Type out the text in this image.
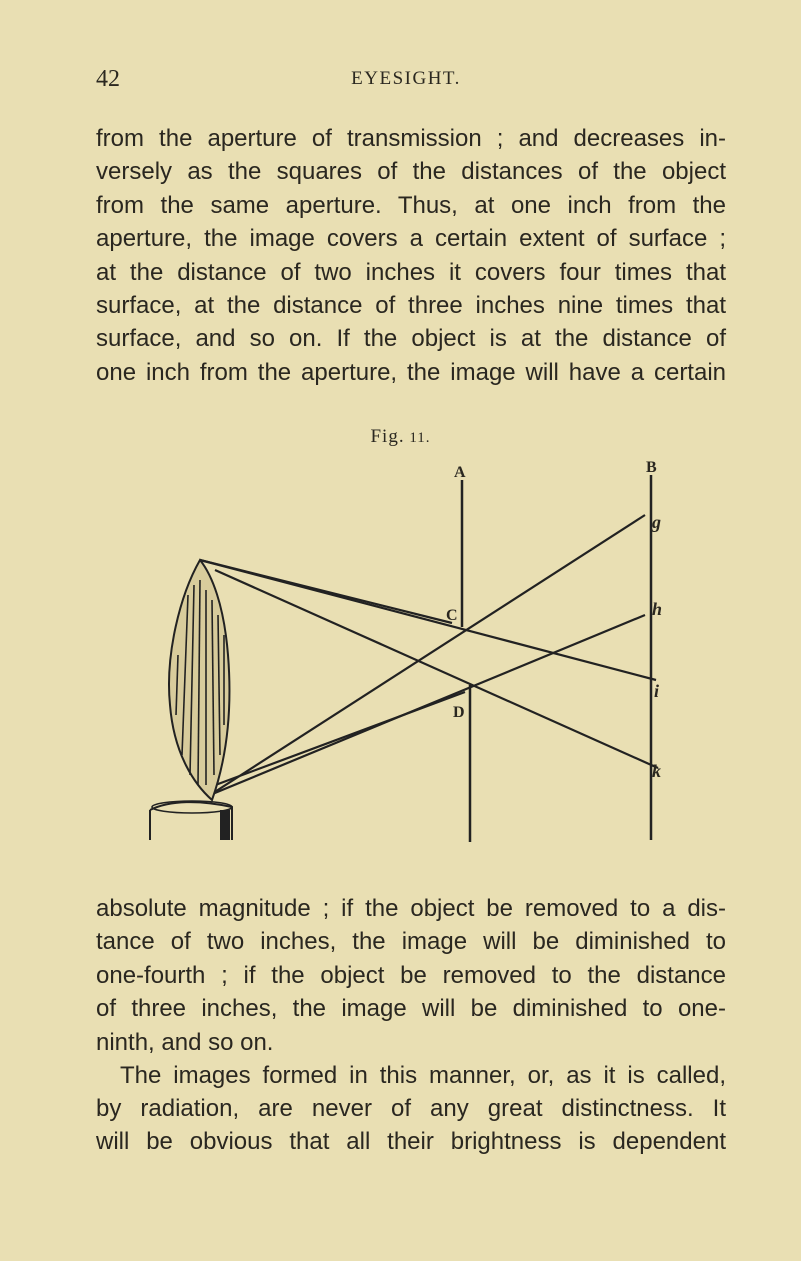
42	EYESIGHT.
from the aperture of transmission ; and decreases in-
versely as the squares of the distances of the object
from the same aperture. Thus, at one inch from the
aperture, the image covers a certain extent of surface ;
at the distance of two inches it covers four times that
surface, at the distance of three inches nine times that
surface, and so on. If the object is at the distance of
one inch from the aperture, the image will have a certain
Fig. 11.
A	B
C
D
g
h
i
k
absolute magnitude ; if the object be removed to a dis-
tance of two inches, the image will be diminished to
one-fourth ; if the object be removed to the distance
of three inches, the image will be diminished to one-
ninth, and so on.
The images formed in this manner, or, as it is called,
by radiation, are never of any great distinctness. It
will be obvious that all their brightness is dependent
